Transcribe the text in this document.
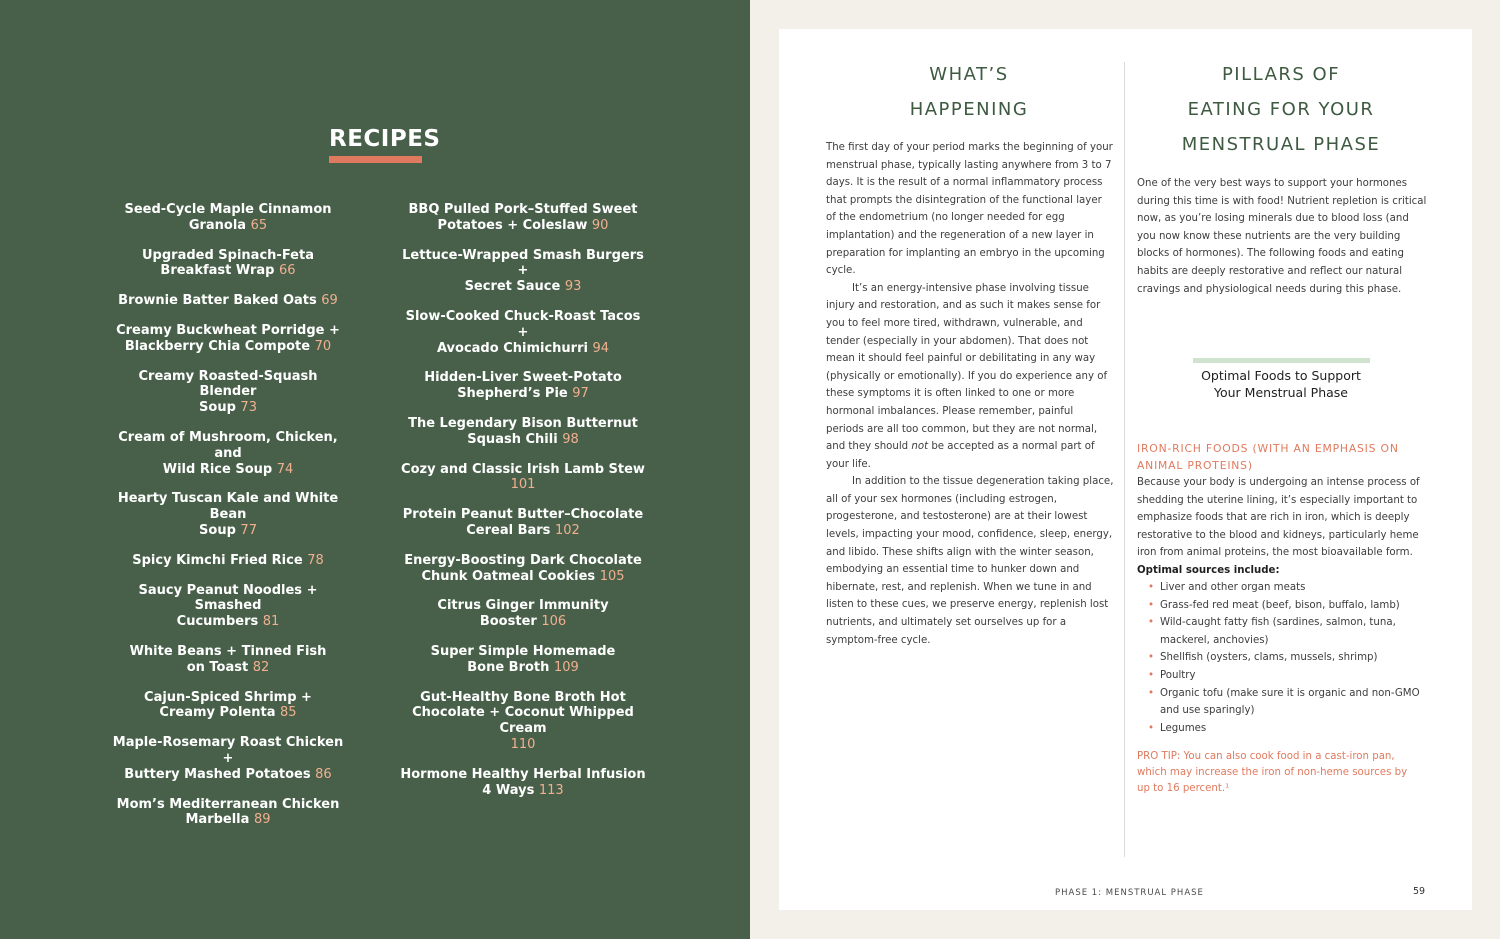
RECIPES
Seed-Cycle Maple Cinnamon
Granola 65
Upgraded Spinach-Feta
Breakfast Wrap 66
Brownie Batter Baked Oats 69
Creamy Buckwheat Porridge +
Blackberry Chia Compote 70
Creamy Roasted-Squash Blender
Soup 73
Cream of Mushroom, Chicken, and
Wild Rice Soup 74
Hearty Tuscan Kale and White Bean
Soup 77
Spicy Kimchi Fried Rice 78
Saucy Peanut Noodles + Smashed
Cucumbers 81
White Beans + Tinned Fish
on Toast 82
Cajun-Spiced Shrimp +
Creamy Polenta 85
Maple-Rosemary Roast Chicken +
Buttery Mashed Potatoes 86
Mom’s Mediterranean Chicken
Marbella 89
BBQ Pulled Pork–Stuffed Sweet
Potatoes + Coleslaw 90
Lettuce-Wrapped Smash Burgers +
Secret Sauce 93
Slow-Cooked Chuck-Roast Tacos +
Avocado Chimichurri 94
Hidden-Liver Sweet-Potato
Shepherd’s Pie 97
The Legendary Bison Butternut
Squash Chili 98
Cozy and Classic Irish Lamb Stew 101
Protein Peanut Butter–Chocolate
Cereal Bars 102
Energy-Boosting Dark Chocolate
Chunk Oatmeal Cookies 105
Citrus Ginger Immunity
Booster 106
Super Simple Homemade
Bone Broth 109
Gut-Healthy Bone Broth Hot
Chocolate + Coconut Whipped Cream
110
Hormone Healthy Herbal Infusion
4 Ways 113
WHAT’S
HAPPENING

The first day of your period marks the beginning of your menstrual phase, typically lasting anywhere from 3 to 7 days. It is the result of a normal inflammatory process that prompts the disintegration of the functional layer of the endometrium (no longer needed for egg implantation) and the regeneration of a new layer in preparation for implanting an embryo in the upcoming cycle.

It’s an energy-intensive phase involving tissue injury and restoration, and as such it makes sense for you to feel more tired, withdrawn, vulnerable, and tender (especially in your abdomen). That does not mean it should feel painful or debilitating in any way (physically or emotionally). If you do experience any of these symptoms it is often linked to one or more hormonal imbalances. Please remember, painful periods are all too common, but they are not normal, and they should not be accepted as a normal part of your life.

In addition to the tissue degeneration taking place, all of your sex hormones (including estrogen, progesterone, and testosterone) are at their lowest levels, impacting your mood, confidence, sleep, energy, and libido. These shifts align with the winter season, embodying an essential time to hunker down and hibernate, rest, and replenish. When we tune in and listen to these cues, we preserve energy, replenish lost nutrients, and ultimately set ourselves up for a symptom-free cycle.

PILLARS OF
EATING FOR YOUR
MENSTRUAL PHASE

One of the very best ways to support your hormones during this time is with food! Nutrient repletion is critical now, as you’re losing minerals due to blood loss (and you now know these nutrients are the very building blocks of hormones). The following foods and eating habits are deeply restorative and reflect our natural cravings and physiological needs during this phase.

Optimal Foods to Support
Your Menstrual Phase
IRON-RICH FOODS (WITH AN EMPHASIS ON ANIMAL PROTEINS)

Because your body is undergoing an intense process of shedding the uterine lining, it’s especially important to emphasize foods that are rich in iron, which is deeply restorative to the blood and kidneys, particularly heme iron from animal proteins, the most bioavailable form. Optimal sources include:

• Liver and other organ meats
• Grass-fed red meat (beef, bison, buffalo, lamb)
• Wild-caught fatty fish (sardines, salmon, tuna, mackerel, anchovies)
• Shellfish (oysters, clams, mussels, shrimp)
• Poultry
• Organic tofu (make sure it is organic and non-GMO and use sparingly)
• Legumes
PRO TIP: You can also cook food in a cast-iron pan, which may increase the iron of non-heme sources by up to 16 percent.¹
PHASE 1: MENSTRUAL PHASE	59
